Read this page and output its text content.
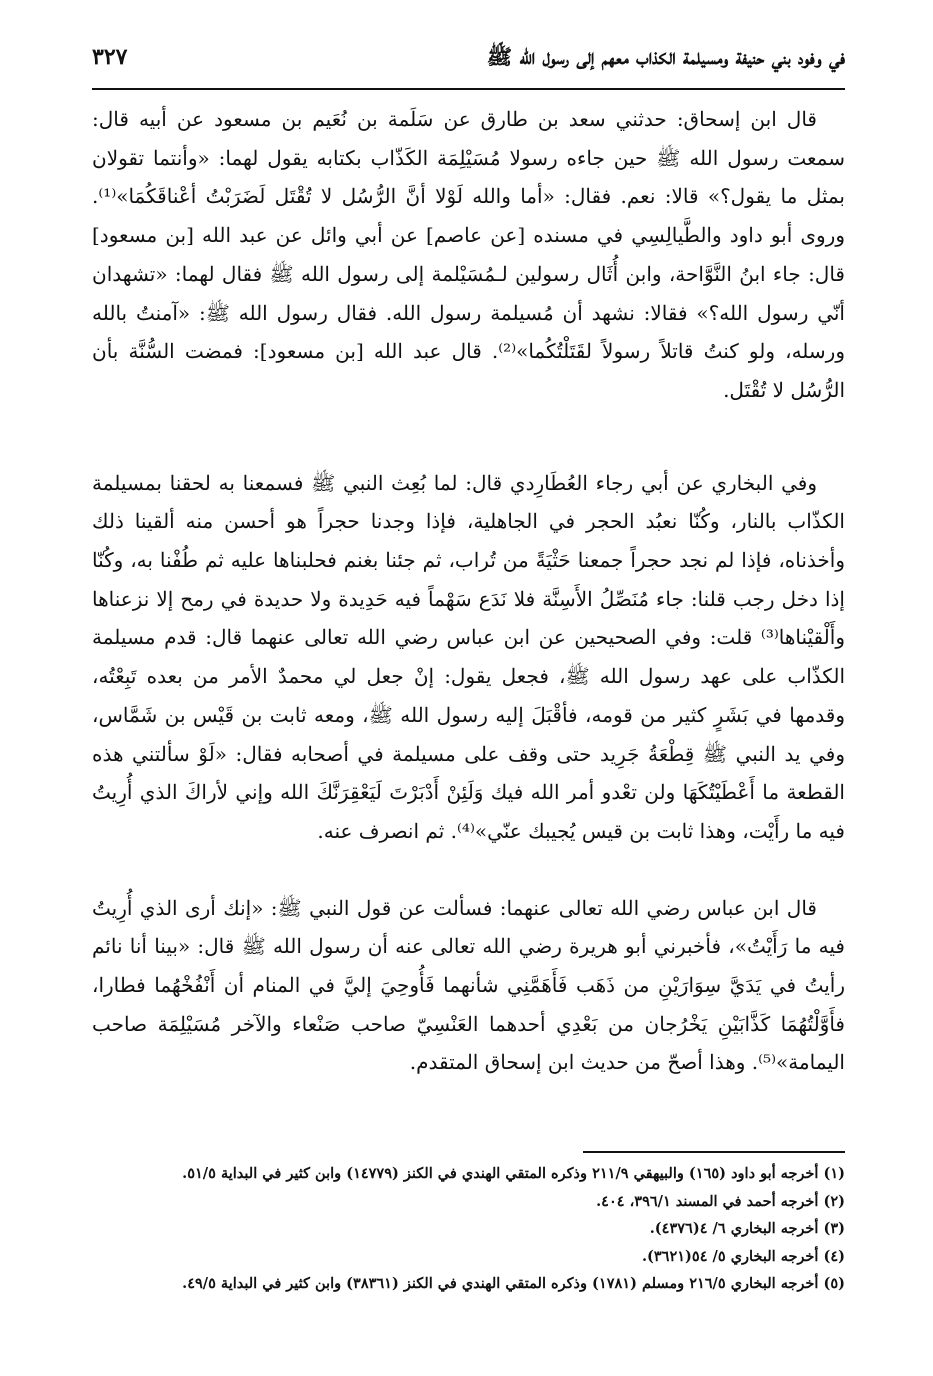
في وفود بني حنيفة ومسيلمة الكذاب معهم إلى رسول الله ﷺ
٣٢٧

قال ابن إسحاق: حدثني سعد بن طارق عن سَلَمة بن نُعَيم بن مسعود عن أبيه قال: سمعت رسول الله ﷺ حين جاءه رسولا مُسَيْلِمَة الكَذّاب بكتابه يقول لهما: «وأنتما تقولان بمثل ما يقول؟» قالا: نعم. فقال: «أما والله لَوْلا أنَّ الرُّسُل لا تُقْتَل لَضَرَبْتُ أعْناقَكُمَا»⁽¹⁾. وروى أبو داود والطَّيالِسِي في مسنده [عن عاصم] عن أبي وائل عن عبد الله [بن مسعود] قال: جاء ابنُ النَّوَّاحة، وابن أُثَال رسولين لـمُسَيْلمة إلى رسول الله ﷺ فقال لهما: «تشهدان أنّي رسول الله؟» فقالا: نشهد أن مُسيلمة رسول الله. فقال رسول الله ﷺ: «آمنتُ بالله ورسله، ولو كنتُ قاتلاً رسولاً لقَتَلْتُكُما»⁽²⁾. قال عبد الله [بن مسعود]: فمضت السُّنَّة بأن الرُّسُل لا تُقْتَل.

وفي البخاري عن أبي رجاء العُطَارِدي قال: لما بُعِث النبي ﷺ فسمعنا به لحقنا بمسيلمة الكذّاب بالنار، وكُنّا نعبُد الحجر في الجاهلية، فإذا وجدنا حجراً هو أحسن منه ألقينا ذلك وأخذناه، فإذا لم نجد حجراً جمعنا حَثْيَةً من تُراب، ثم جئنا بغنم فحلبناها عليه ثم طُفْنا به، وكُنّا إذا دخل رجب قلنا: جاء مُنَصِّلُ الأَسِنَّة فلا نَدَع سَهْماً فيه حَدِيدة ولا حديدة في رمح إلا نزعناها وأَلْقيْناها⁽³⁾ قلت: وفي الصحيحين عن ابن عباس رضي الله تعالى عنهما قال: قدم مسيلمة الكذّاب على عهد رسول الله ﷺ، فجعل يقول: إنْ جعل لي محمدٌ الأمر من بعده تَبِعْتُه، وقدمها في بَشَرٍ كثير من قومه، فأقْبَلَ إليه رسول الله ﷺ، ومعه ثابت بن قَيْس بن شَمَّاس، وفي يد النبي ﷺ قِطْعَةُ جَرِيد حتى وقف على مسيلمة في أصحابه فقال: «لَوْ سألتني هذه القطعة ما أَعْطَيْتُكَهَا ولن تعْدو أمر الله فيك وَلَئِنْ أَدْبَرْتَ لَيَعْقِرَنَّكَ الله وإني لأراكَ الذي أُرِيتُ فيه ما رأَيْت، وهذا ثابت بن قيس يُجيبك عنّي»⁽⁴⁾. ثم انصرف عنه.

قال ابن عباس رضي الله تعالى عنهما: فسألت عن قول النبي ﷺ: «إنك أرى الذي أُرِيتُ فيه ما رَأَيْتُ»، فأخبرني أبو هريرة رضي الله تعالى عنه أن رسول الله ﷺ قال: «بينا أنا نائم رأيتُ في يَدَيَّ سِوَارَيْنِ من ذَهَب فَأَهَمَّنِي شأنهما فَأُوحِيَ إليَّ في المنام أن أَنْفُخْهُما فطارا، فأَوَّلْتُهُمَا كَذَّابَيْنِ يَخْرُجان من بَعْدِي أحدهما العَنْسِيّ صاحب صَنْعاء والآخر مُسَيْلِمَة صاحب اليمامة»⁽⁵⁾. وهذا أصحّ من حديث ابن إسحاق المتقدم.

(١) أخرجه أبو داود (١٦٥) والبيهقي ٢١١/٩ وذكره المتقي الهندي في الكنز (١٤٧٧٩) وابن كثير في البداية ٥١/٥.
(٢) أخرجه أحمد في المسند ٣٩٦/١، ٤٠٤.
(٣) أخرجه البخاري ٦/ ٤(٤٣٧٦).
(٤) أخرجه البخاري ٥/ ٥٤(٣٦٢١).
(٥) أخرجه البخاري ٢١٦/٥ ومسلم (١٧٨١) وذكره المتقي الهندي في الكنز (٣٨٣٦١) وابن كثير في البداية ٤٩/٥.
